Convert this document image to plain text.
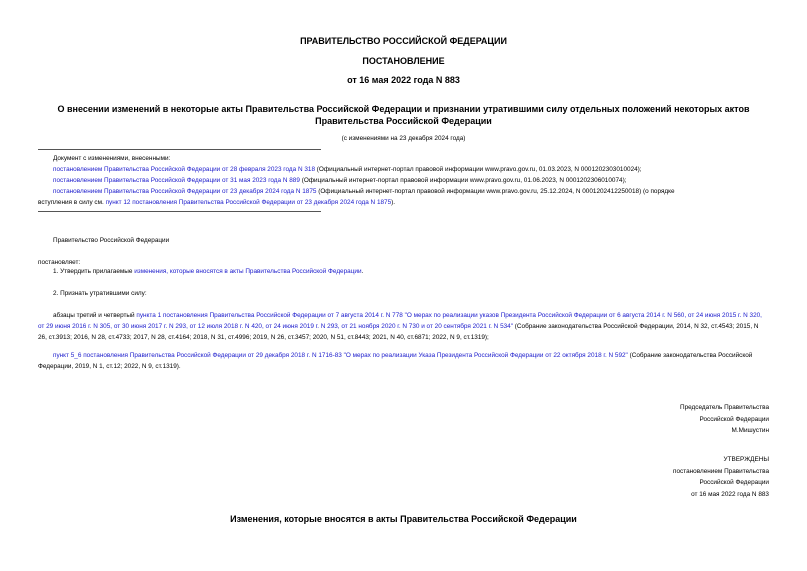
ПРАВИТЕЛЬСТВО РОССИЙСКОЙ ФЕДЕРАЦИИ
ПОСТАНОВЛЕНИЕ
от 16 мая 2022 года N 883
О внесении изменений в некоторые акты Правительства Российской Федерации и признании утратившими силу отдельных положений некоторых актов
Правительства Российской Федерации
(с изменениями на 23 декабря 2024 года)
Документ с изменениями, внесенными:
постановлением Правительства Российской Федерации от 28 февраля 2023 года N 318 (Официальный интернет-портал правовой информации www.pravo.gov.ru, 01.03.2023, N 0001202303010024);
постановлением Правительства Российской Федерации от 31 мая 2023 года N 889 (Официальный интернет-портал правовой информации www.pravo.gov.ru, 01.06.2023, N 0001202306010074);
постановлением Правительства Российской Федерации от 23 декабря 2024 года N 1875 (Официальный интернет-портал правовой информации www.pravo.gov.ru, 25.12.2024, N 0001202412250018) (о порядке
вступления в силу см. пункт 12 постановления Правительства Российской Федерации от 23 декабря 2024 года N 1875).
Правительство Российской Федерации
постановляет:
1. Утвердить прилагаемые изменения, которые вносятся в акты Правительства Российской Федерации.
2. Признать утратившими силу:
абзацы третий и четвертый пункта 1 постановления Правительства Российской Федерации от 7 августа 2014 г. N 778 "О мерах по реализации указов Президента Российской Федерации от 6 августа 2014 г. N 560, от 24 июня 2015 г. N 320, от 29 июня 2016 г. N 305, от 30 июня 2017 г. N 293, от 12 июля 2018 г. N 420, от 24 июня 2019 г. N 293, от 21 ноября 2020 г. N 730 и от 20 сентября 2021 г. N 534" (Собрание законодательства Российской Федерации, 2014, N 32, ст.4543; 2015, N 26, ст.3913; 2016, N 28, ст.4733; 2017, N 28, ст.4164; 2018, N 31, ст.4996; 2019, N 26, ст.3457; 2020, N 51, ст.8443; 2021, N 40, ст.6871; 2022, N 9, ст.1319);
пункт 5_6 постановления Правительства Российской Федерации от 29 декабря 2018 г. N 1716-83 "О мерах по реализации Указа Президента Российской Федерации от 22 октября 2018 г. N 592" (Собрание законодательства Российской Федерации, 2019, N 1, ст.12; 2022, N 9, ст.1319).
Председатель Правительства
Российской Федерации
М.Мишустин
УТВЕРЖДЕНЫ
постановлением Правительства
Российской Федерации
от 16 мая 2022 года N 883
Изменения, которые вносятся в акты Правительства Российской Федерации
